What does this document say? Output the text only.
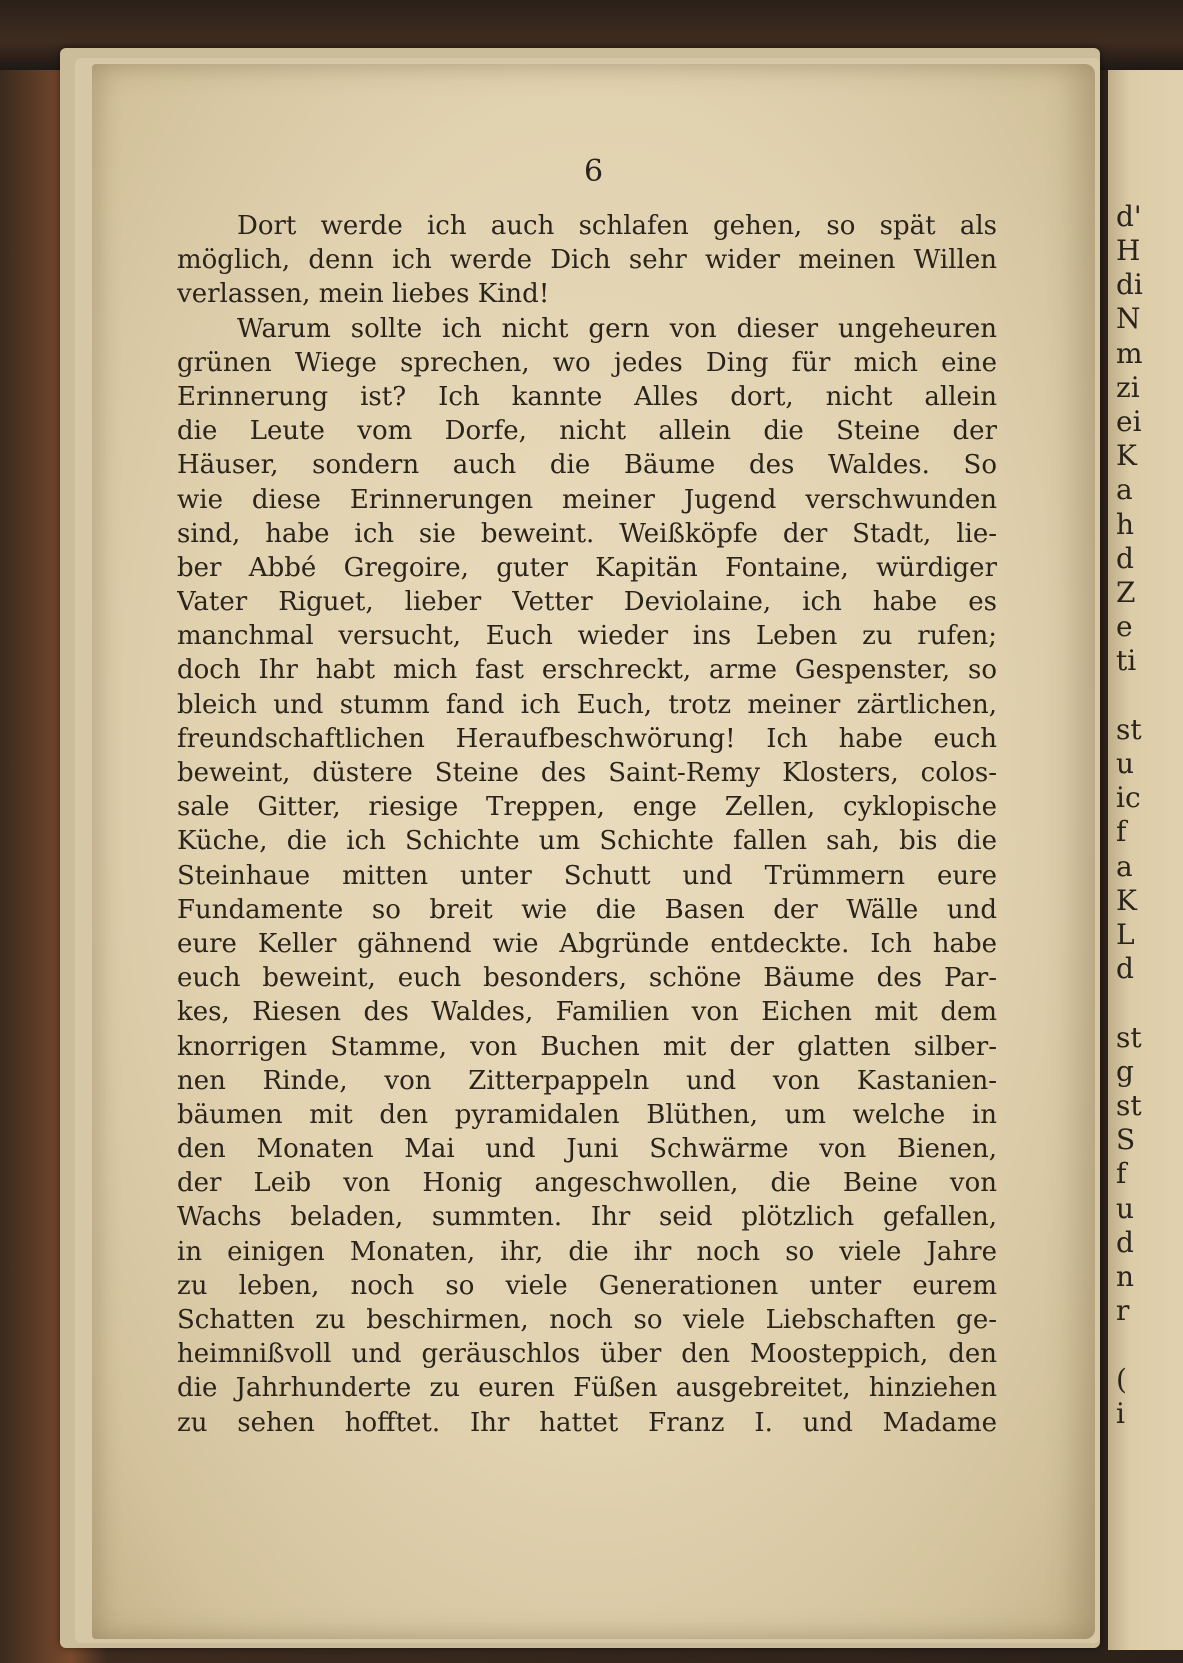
6
Dort werde ich auch schlafen gehen, so spät als
möglich, denn ich werde Dich sehr wider meinen Willen
verlassen, mein liebes Kind!
Warum sollte ich nicht gern von dieser ungeheuren
grünen Wiege sprechen, wo jedes Ding für mich eine
Erinnerung ist? Ich kannte Alles dort, nicht allein
die Leute vom Dorfe, nicht allein die Steine der
Häuser, sondern auch die Bäume des Waldes. So
wie diese Erinnerungen meiner Jugend verschwunden
sind, habe ich sie beweint. Weißköpfe der Stadt, lie-
ber Abbé Gregoire, guter Kapitän Fontaine, würdiger
Vater Riguet, lieber Vetter Deviolaine, ich habe es
manchmal versucht, Euch wieder ins Leben zu rufen;
doch Ihr habt mich fast erschreckt, arme Gespenster, so
bleich und stumm fand ich Euch, trotz meiner zärtlichen,
freundschaftlichen Heraufbeschwörung! Ich habe euch
beweint, düstere Steine des Saint-Remy Klosters, colos-
sale Gitter, riesige Treppen, enge Zellen, cyklopische
Küche, die ich Schichte um Schichte fallen sah, bis die
Steinhaue mitten unter Schutt und Trümmern eure
Fundamente so breit wie die Basen der Wälle und
eure Keller gähnend wie Abgründe entdeckte. Ich habe
euch beweint, euch besonders, schöne Bäume des Par-
kes, Riesen des Waldes, Familien von Eichen mit dem
knorrigen Stamme, von Buchen mit der glatten silber-
nen Rinde, von Zitterpappeln und von Kastanien-
bäumen mit den pyramidalen Blüthen, um welche in
den Monaten Mai und Juni Schwärme von Bienen,
der Leib von Honig angeschwollen, die Beine von
Wachs beladen, summten. Ihr seid plötzlich gefallen,
in einigen Monaten, ihr, die ihr noch so viele Jahre
zu leben, noch so viele Generationen unter eurem
Schatten zu beschirmen, noch so viele Liebschaften ge-
heimnißvoll und geräuschlos über den Moosteppich, den
die Jahrhunderte zu euren Füßen ausgebreitet, hinziehen
zu sehen hofftet. Ihr hattet Franz I. und Madame
d'
H
di
N
m
zi
ei
K
a
h
d
Z
e
ti
st
u
ic
f
a
K
L
d
st
g
st
S
f
u
d
n
r
(
i
